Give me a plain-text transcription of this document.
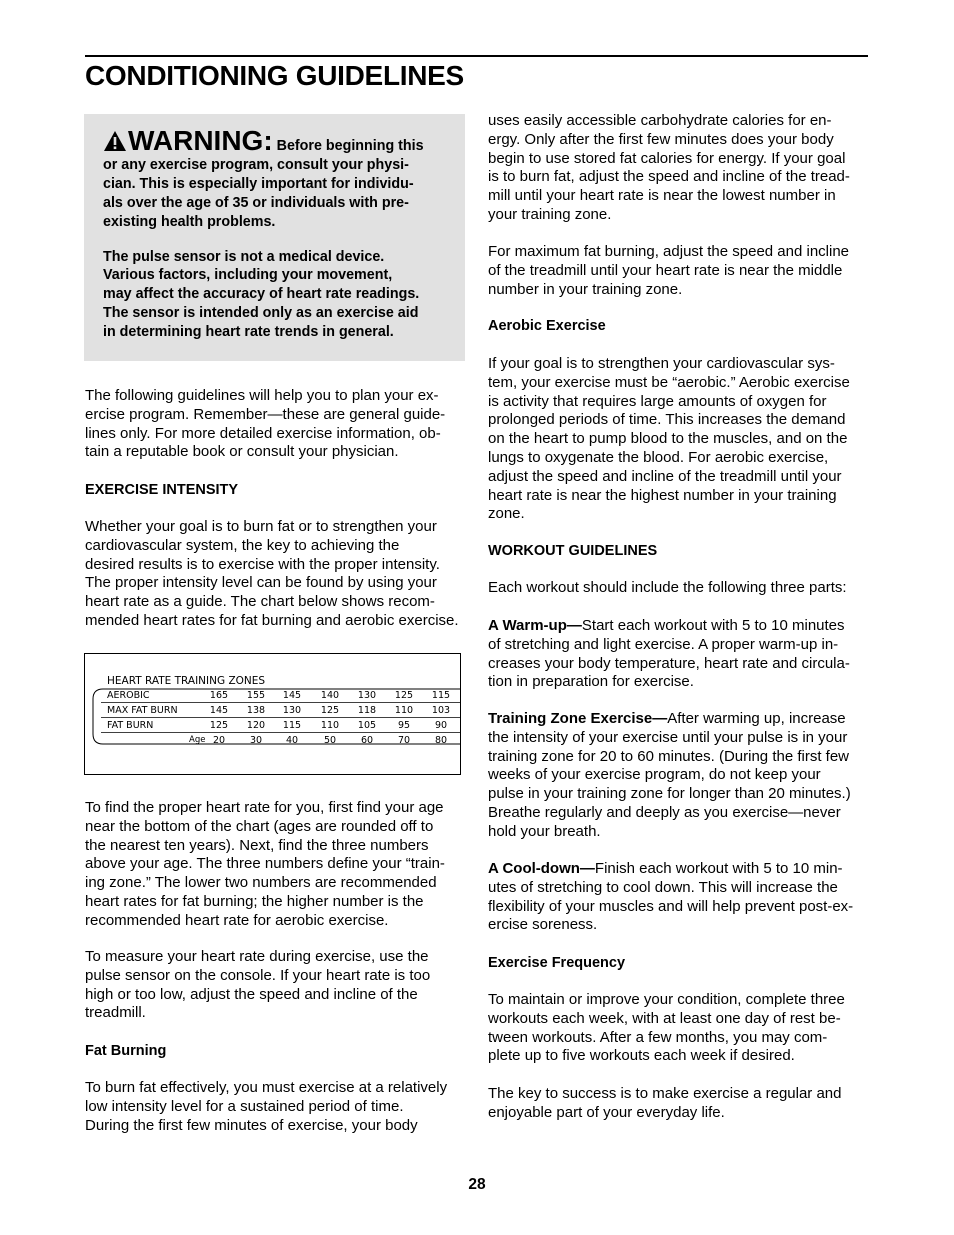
CONDITIONING GUIDELINES
WARNING: Before beginning this
or any exercise program, consult your physi-
cian. This is especially important for individu-
als over the age of 35 or individuals with pre-
existing health problems.
The pulse sensor is not a medical device.
Various factors, including your movement,
may affect the accuracy of heart rate readings.
The sensor is intended only as an exercise aid
in determining heart rate trends in general.

The following guidelines will help you to plan your ex-

ercise program. Remember—these are general guide-

lines only. For more detailed exercise information, ob-

tain a reputable book or consult your physician.

EXERCISE INTENSITY

Whether your goal is to burn fat or to strengthen your

cardiovascular system, the key to achieving the

desired results is to exercise with the proper intensity.

The proper intensity level can be found by using your

heart rate as a guide. The chart below shows recom-

mended heart rates for fat burning and aerobic exercise.

HEART RATE TRAINING ZONES
AEROBIC	165 155 145 140 130 125 115
MAX FAT BURN	145 138 130 125 118 110 103
FAT BURN	125 120 115 110 105 95	90
Age 20	30	40	50	60	70	80

To find the proper heart rate for you, first find your age

near the bottom of the chart (ages are rounded off to

the nearest ten years). Next, find the three numbers

above your age. The three numbers define your “train-

ing zone.” The lower two numbers are recommended

heart rates for fat burning; the higher number is the

recommended heart rate for aerobic exercise.

To measure your heart rate during exercise, use the

pulse sensor on the console. If your heart rate is too

high or too low, adjust the speed and incline of the

treadmill.

Fat Burning

To burn fat effectively, you must exercise at a relatively

low intensity level for a sustained period of time.

During the first few minutes of exercise, your body

uses easily accessible carbohydrate calories for en-

ergy. Only after the first few minutes does your body

begin to use stored fat calories for energy. If your goal

is to burn fat, adjust the speed and incline of the tread-

mill until your heart rate is near the lowest number in

your training zone.

For maximum fat burning, adjust the speed and incline

of the treadmill until your heart rate is near the middle

number in your training zone.

Aerobic Exercise

If your goal is to strengthen your cardiovascular sys-

tem, your exercise must be “aerobic.” Aerobic exercise

is activity that requires large amounts of oxygen for

prolonged periods of time. This increases the demand

on the heart to pump blood to the muscles, and on the

lungs to oxygenate the blood. For aerobic exercise,

adjust the speed and incline of the treadmill until your

heart rate is near the highest number in your training

zone.

WORKOUT GUIDELINES
Each workout should include the following three parts:

A Warm-up—Start each workout with 5 to 10 minutes

of stretching and light exercise. A proper warm-up in-

creases your body temperature, heart rate and circula-

tion in preparation for exercise.

Training Zone Exercise—After warming up, increase

the intensity of your exercise until your pulse is in your

training zone for 20 to 60 minutes. (During the first few

weeks of your exercise program, do not keep your

pulse in your training zone for longer than 20 minutes.)

Breathe regularly and deeply as you exercise—never

hold your breath.

A Cool-down—Finish each workout with 5 to 10 min-

utes of stretching to cool down. This will increase the

flexibility of your muscles and will help prevent post-ex-

ercise soreness.

Exercise Frequency

To maintain or improve your condition, complete three

workouts each week, with at least one day of rest be-

tween workouts. After a few months, you may com-

plete up to five workouts each week if desired.

The key to success is to make exercise a regular and

enjoyable part of your everyday life.

28
